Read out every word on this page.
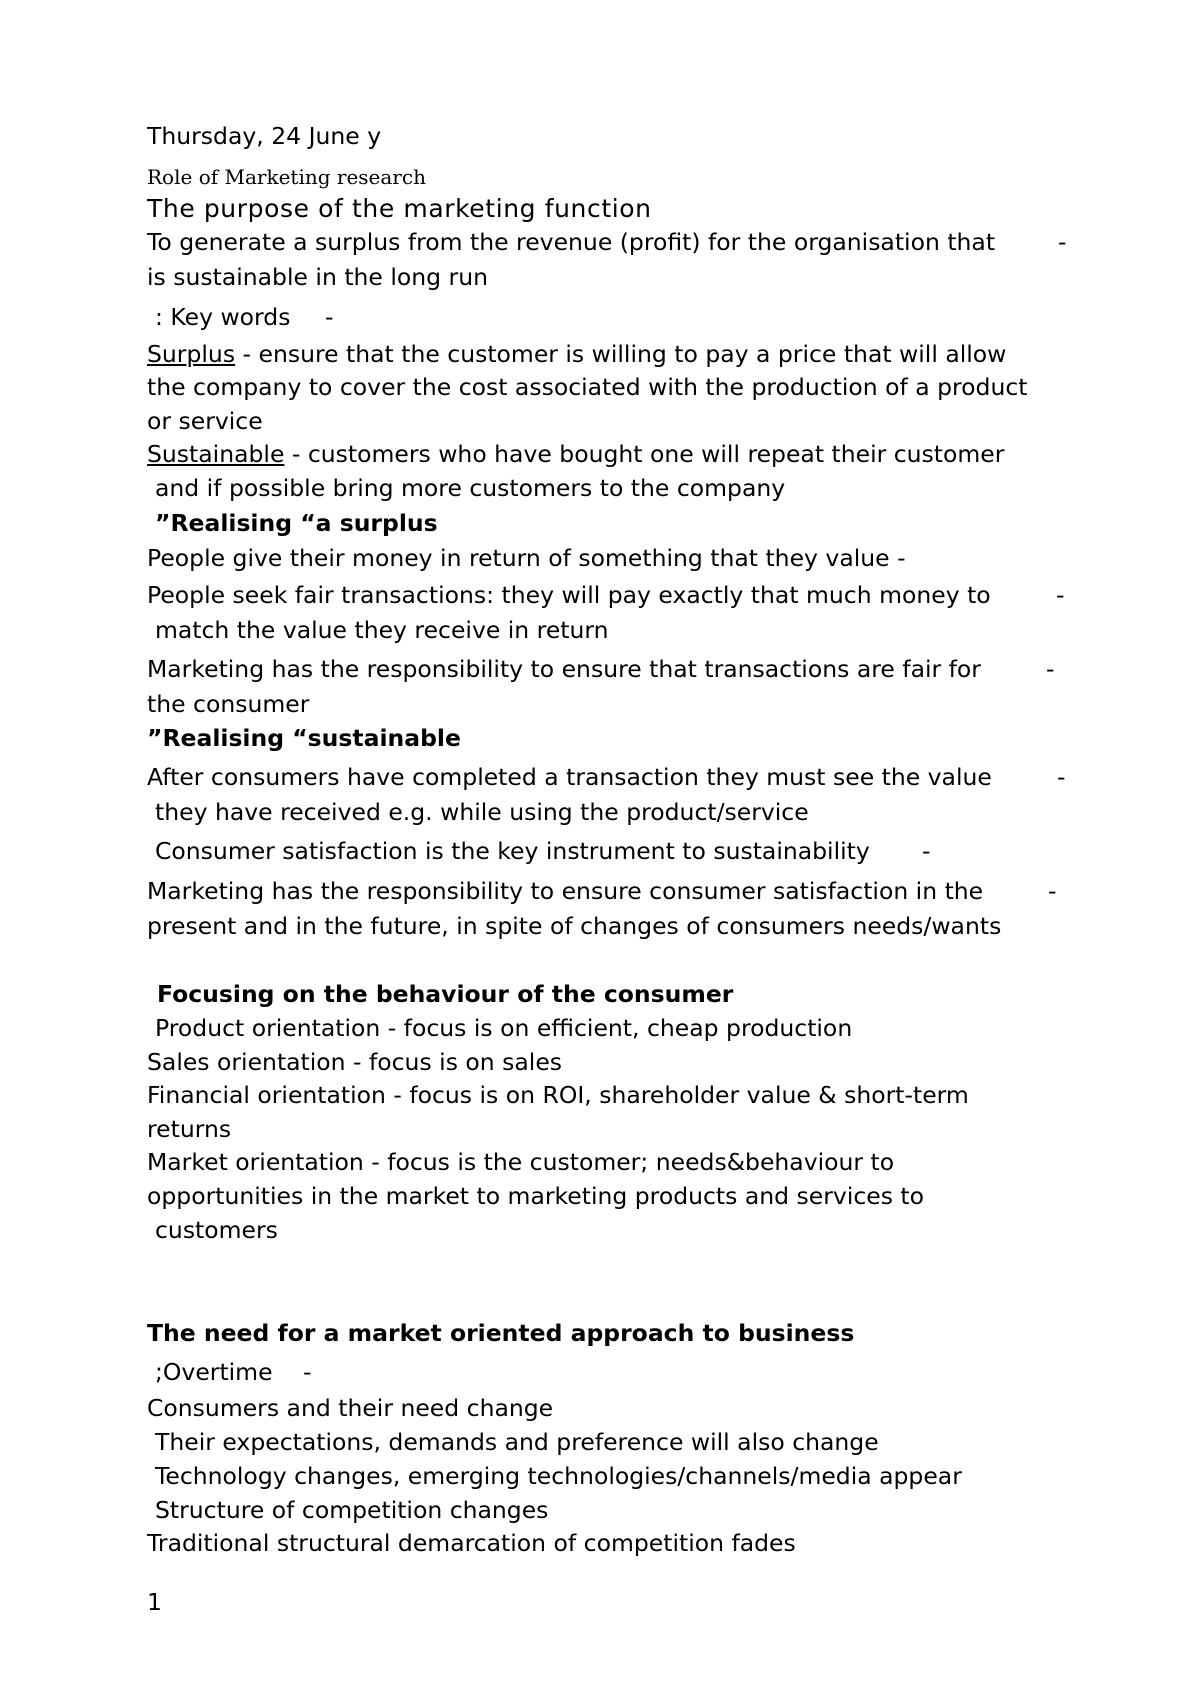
Thursday, 24 June y
Role of Marketing research
The purpose of the marketing function
To generate a surplus from the revenue (profit) for the organisation that	-
is sustainable in the long run
: Key words -
Surplus - ensure that the customer is willing to pay a price that will allow
the company to cover the cost associated with the production of a product
or service
Sustainable - customers who have bought one will repeat their customer
and if possible bring more customers to the company
”Realising “a surplus
People give their money in return of something that they value -
People seek fair transactions: they will pay exactly that much money to	-
match the value they receive in return
Marketing has the responsibility to ensure that transactions are fair for	-
the consumer
”Realising “sustainable
After consumers have completed a transaction they must see the value	-
they have received e.g. while using the product/service
Consumer satisfaction is the key instrument to sustainability -
Marketing has the responsibility to ensure consumer satisfaction in the	-
present and in the future, in spite of changes of consumers needs/wants
Focusing on the behaviour of the consumer
Product orientation - focus is on efficient, cheap production
Sales orientation - focus is on sales
Financial orientation - focus is on ROI, shareholder value & short-term
returns
Market orientation - focus is the customer; needs&behaviour to
opportunities in the market to marketing products and services to
customers
The need for a market oriented approach to business
;Overtime -
Consumers and their need change
Their expectations, demands and preference will also change
Technology changes, emerging technologies/channels/media appear
Structure of competition changes
Traditional structural demarcation of competition fades
1
